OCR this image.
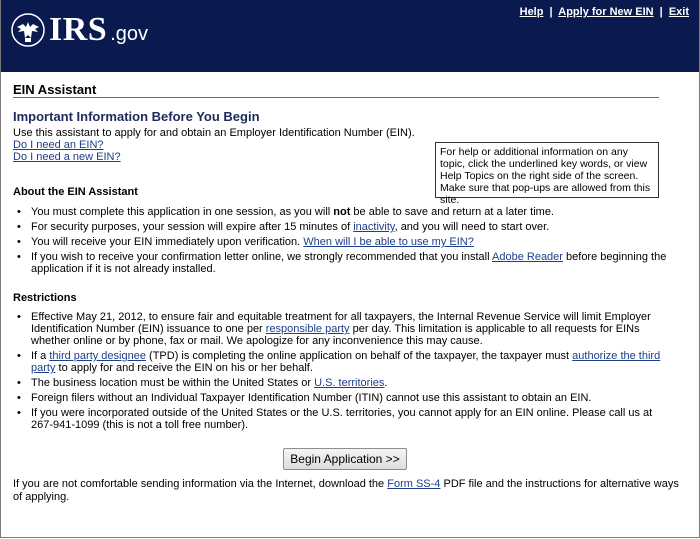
IRS .gov
Help | Apply for New EIN | Exit
EIN Assistant
Important Information Before You Begin
Use this assistant to apply for and obtain an Employer Identification Number (EIN).
Do I need an EIN?
Do I need a new EIN?	For help or additional information on any topic, click the underlined key words, or view Help Topics on the right side of the screen. Make sure that pop-ups are allowed from this site.
About the EIN Assistant
• You must complete this application in one session, as you will not be able to save and return at a later time.
• For security purposes, your session will expire after 15 minutes of inactivity, and you will need to start over.
• You will receive your EIN immediately upon verification. When will I be able to use my EIN?
• If you wish to receive your confirmation letter online, we strongly recommended that you install Adobe Reader before beginning the application if it is not already installed.
Restrictions
• Effective May 21, 2012, to ensure fair and equitable treatment for all taxpayers, the Internal Revenue Service will limit Employer Identification Number (EIN) issuance to one per responsible party per day. This limitation is applicable to all requests for EINs whether online or by phone, fax or mail. We apologize for any inconvenience this may cause.
• If a third party designee (TPD) is completing the online application on behalf of the taxpayer, the taxpayer must authorize the third party to apply for and receive the EIN on his or her behalf.
• The business location must be within the United States or U.S. territories.
• Foreign filers without an Individual Taxpayer Identification Number (ITIN) cannot use this assistant to obtain an EIN.
• If you were incorporated outside of the United States or the U.S. territories, you cannot apply for an EIN online. Please call us at 267-941-1099 (this is not a toll free number).
Begin Application >>
If you are not comfortable sending information via the Internet, download the Form SS-4 PDF file and the instructions for alternative ways of applying.
